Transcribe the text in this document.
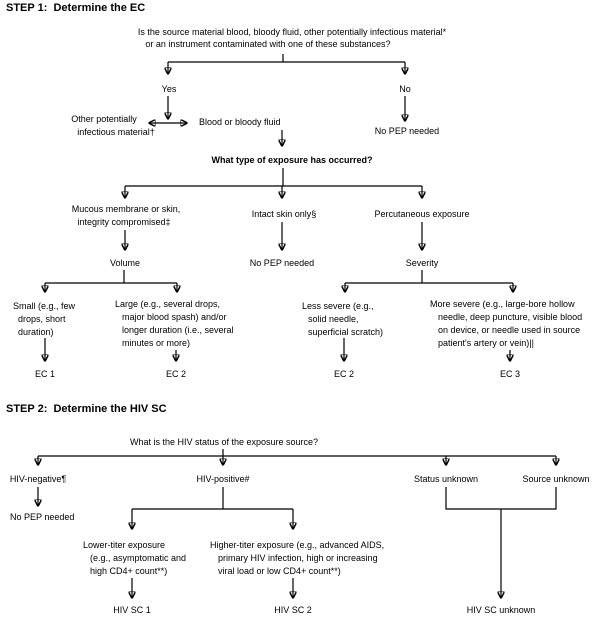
STEP 1:  Determine the EC
Is the source material blood, bloody fluid, other potentially infectious material*
or an instrument contaminated with one of these substances?
Yes	No
Other potentially
infectious material†
Blood or bloody fluid
No PEP needed
What type of exposure has occurred?
Mucous membrane or skin,
integrity compromised‡
Intact skin only§	Percutaneous exposure
Volume	No PEP needed	Severity
Small (e.g., few
drops, short
duration)
Large (e.g., several drops,
major blood spash) and/or
longer duration (i.e., several
minutes or more)
Less severe (e.g.,
solid needle,
superficial scratch)
More severe (e.g., large-bore hollow
needle, deep puncture, visible blood
on device, or needle used in source
patient's artery or vein)||
EC 1	EC 2	EC 2	EC 3
STEP 2:  Determine the HIV SC
What is the HIV status of the exposure source?
HIV-negative¶	HIV-positive#	Status unknown	Source unknown
No PEP needed
Lower-titer exposure
(e.g., asymptomatic and
high CD4+ count**)
Higher-titer exposure (e.g., advanced AIDS,
primary HIV infection, high or increasing
viral load or low CD4+ count**)
HIV SC 1	HIV SC 2	HIV SC unknown
